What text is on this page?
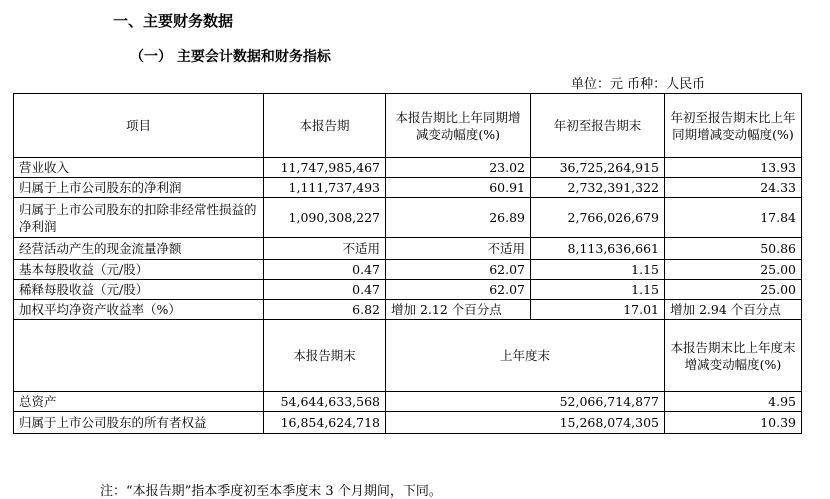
一、主要财务数据
（一） 主要会计数据和财务指标
单位：元 币种：人民币
项目	本报告期	本报告期比上年同期增减变动幅度(%)	年初至报告期末	年初至报告期末比上年同期增减变动幅度(%)
营业收入	11,747,985,467	23.02	36,725,264,915	13.93
归属于上市公司股东的净利润	1,111,737,493	60.91	2,732,391,322	24.33
归属于上市公司股东的扣除非经常性损益的净利润	1,090,308,227	26.89	2,766,026,679	17.84
经营活动产生的现金流量净额	不适用	不适用	8,113,636,661	50.86
基本每股收益（元/股）	0.47	62.07	1.15	25.00
稀释每股收益（元/股）	0.47	62.07	1.15	25.00
加权平均净资产收益率（%）	6.82	增加 2.12 个百分点	17.01	增加 2.94 个百分点
	本报告期末	上年度末		本报告期末比上年度末增减变动幅度(%)
总资产	54,644,633,568	52,066,714,877		4.95
归属于上市公司股东的所有者权益	16,854,624,718	15,268,074,305		10.39
注：“本报告期”指本季度初至本季度末 3 个月期间，下同。
